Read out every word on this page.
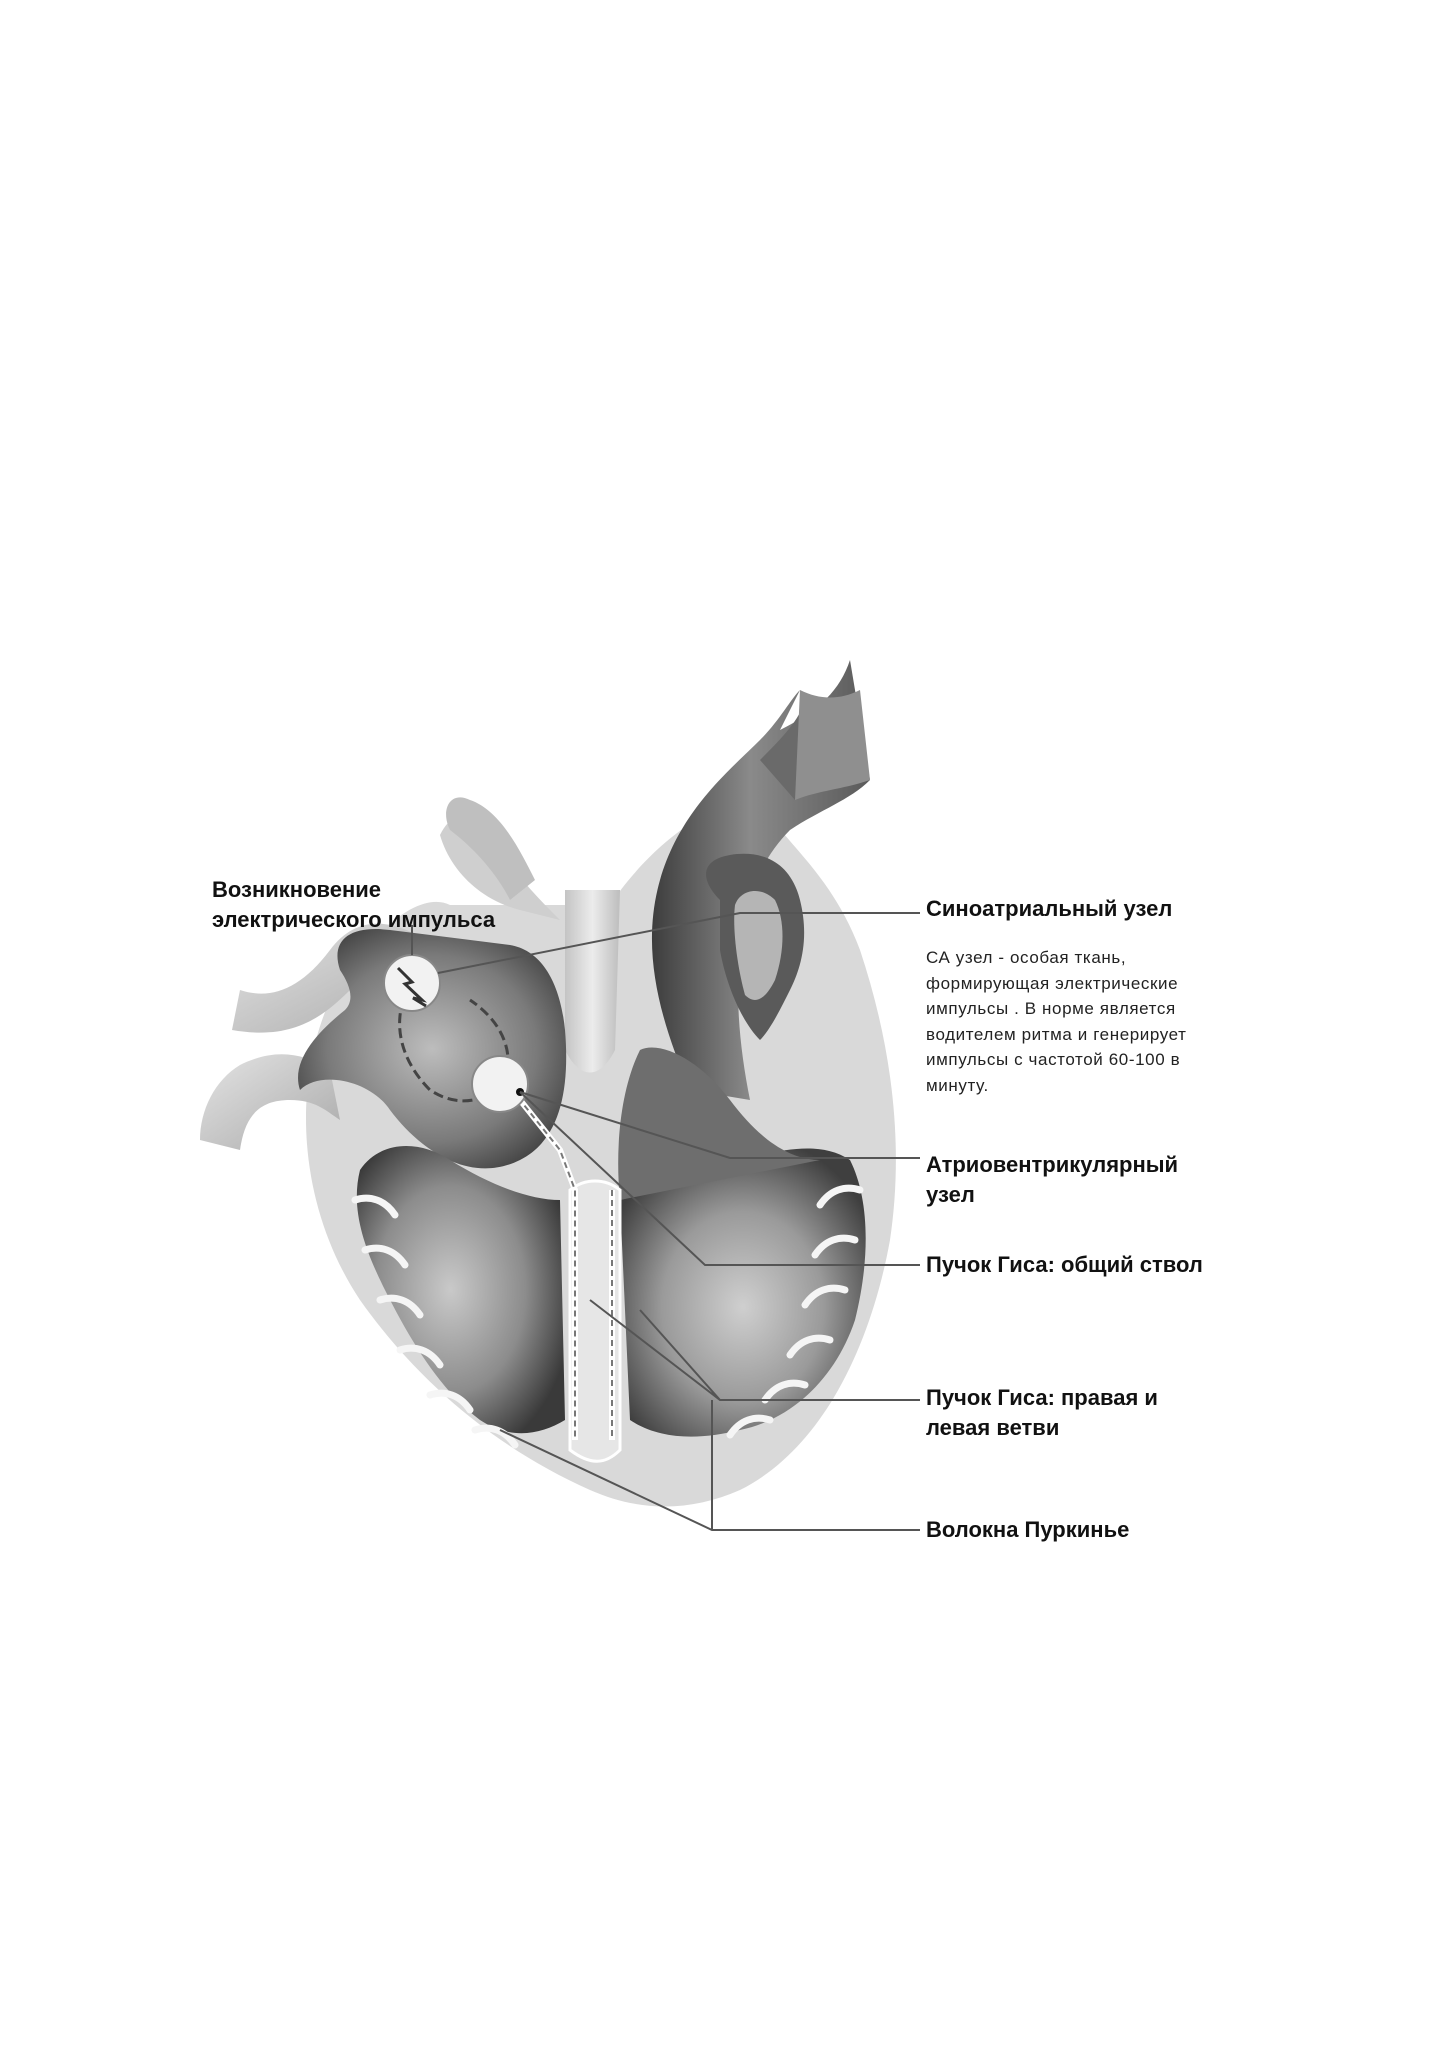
Возникновение
электрического импульса	Синоатриальный узел
СА узел - особая ткань,
формирующая электрические
импульсы . В норме является
водителем ритма и генерирует
импульсы с частотой 60-100 в
минуту.
Атриовентрикулярный
узел
Пучок Гиса: общий ствол
Пучок Гиса: правая и
левая ветви
Волокна Пуркинье
